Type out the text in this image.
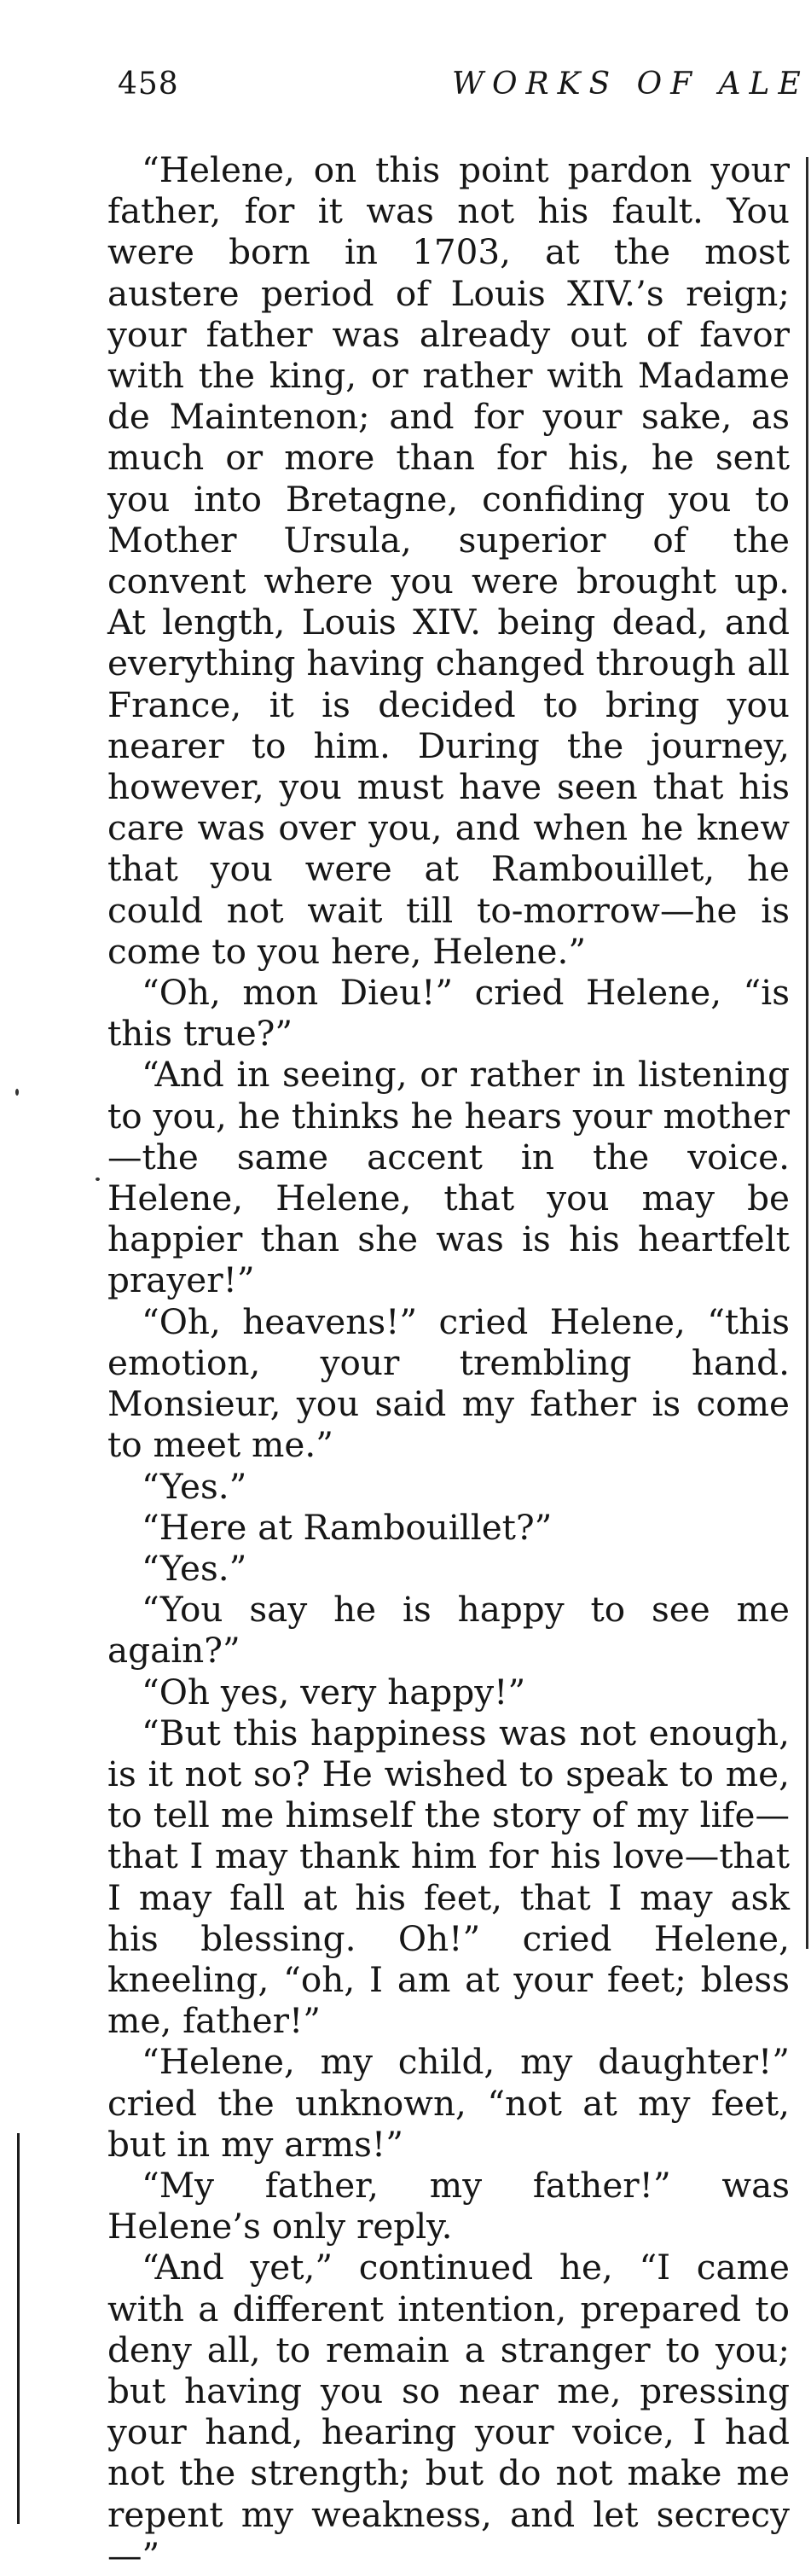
458	WORKS OF ALE

“Helene, on this point pardon your father, for it was not his fault. You were born in 1703, at the most austere period of Louis XIV.’s reign; your father was already out of favor with the king, or rather with Madame de Maintenon; and for your sake, as much or more than for his, he sent you into Bretagne, confiding you to Mother Ursula, superior of the convent where you were brought up. At length, Louis XIV. being dead, and everything having changed through all France, it is decided to bring you nearer to him. During the journey, however, you must have seen that his care was over you, and when he knew that you were at Rambouillet, he could not wait till to-morrow—he is come to you here, Helene.”

“Oh, mon Dieu!” cried Helene, “is this true?”

“And in seeing, or rather in listening to you, he thinks he hears your mother—the same accent in the voice. Helene, Helene, that you may be happier than she was is his heartfelt prayer!”

“Oh, heavens!” cried Helene, “this emotion, your trembling hand. Monsieur, you said my father is come to meet me.”

“Yes.”

“Here at Rambouillet?”

“Yes.”

“You say he is happy to see me again?”

“Oh yes, very happy!”

“But this happiness was not enough, is it not so? He wished to speak to me, to tell me himself the story of my life—that I may thank him for his love—that I may fall at his feet, that I may ask his blessing. Oh!” cried Helene, kneeling, “oh, I am at your feet; bless me, father!”

“Helene, my child, my daughter!” cried the unknown, “not at my feet, but in my arms!”

“My father, my father!” was Helene’s only reply.

“And yet,” continued he, “I came with a different intention, prepared to deny all, to remain a stranger to you; but having you so near me, pressing your hand, hearing your voice, I had not the strength; but do not make me repent my weakness, and let secrecy—”
